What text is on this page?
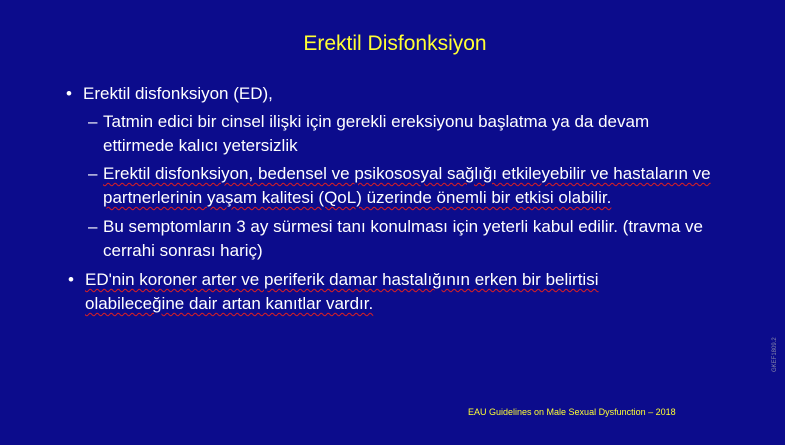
Erektil Disfonksiyon
• Erektil disfonksiyon (ED),
– Tatmin edici bir cinsel ilişki için gerekli ereksiyonu başlatma ya da devam ettirmede kalıcı yetersizlik
– Erektil disfonksiyon, bedensel ve psikososyal sağlığı etkileyebilir ve hastaların ve partnerlerinin yaşam kalitesi (QoL) üzerinde önemli bir etkisi olabilir.
– Bu semptomların 3 ay sürmesi tanı konulması için yeterli kabul edilir. (travma ve cerrahi sonrası hariç)
• ED'nin koroner arter ve periferik damar hastalığının erken bir belirtisi olabileceğine dair artan kanıtlar vardır.
EAU Guidelines on Male Sexual Dysfunction – 2018
GKEF1809.2
